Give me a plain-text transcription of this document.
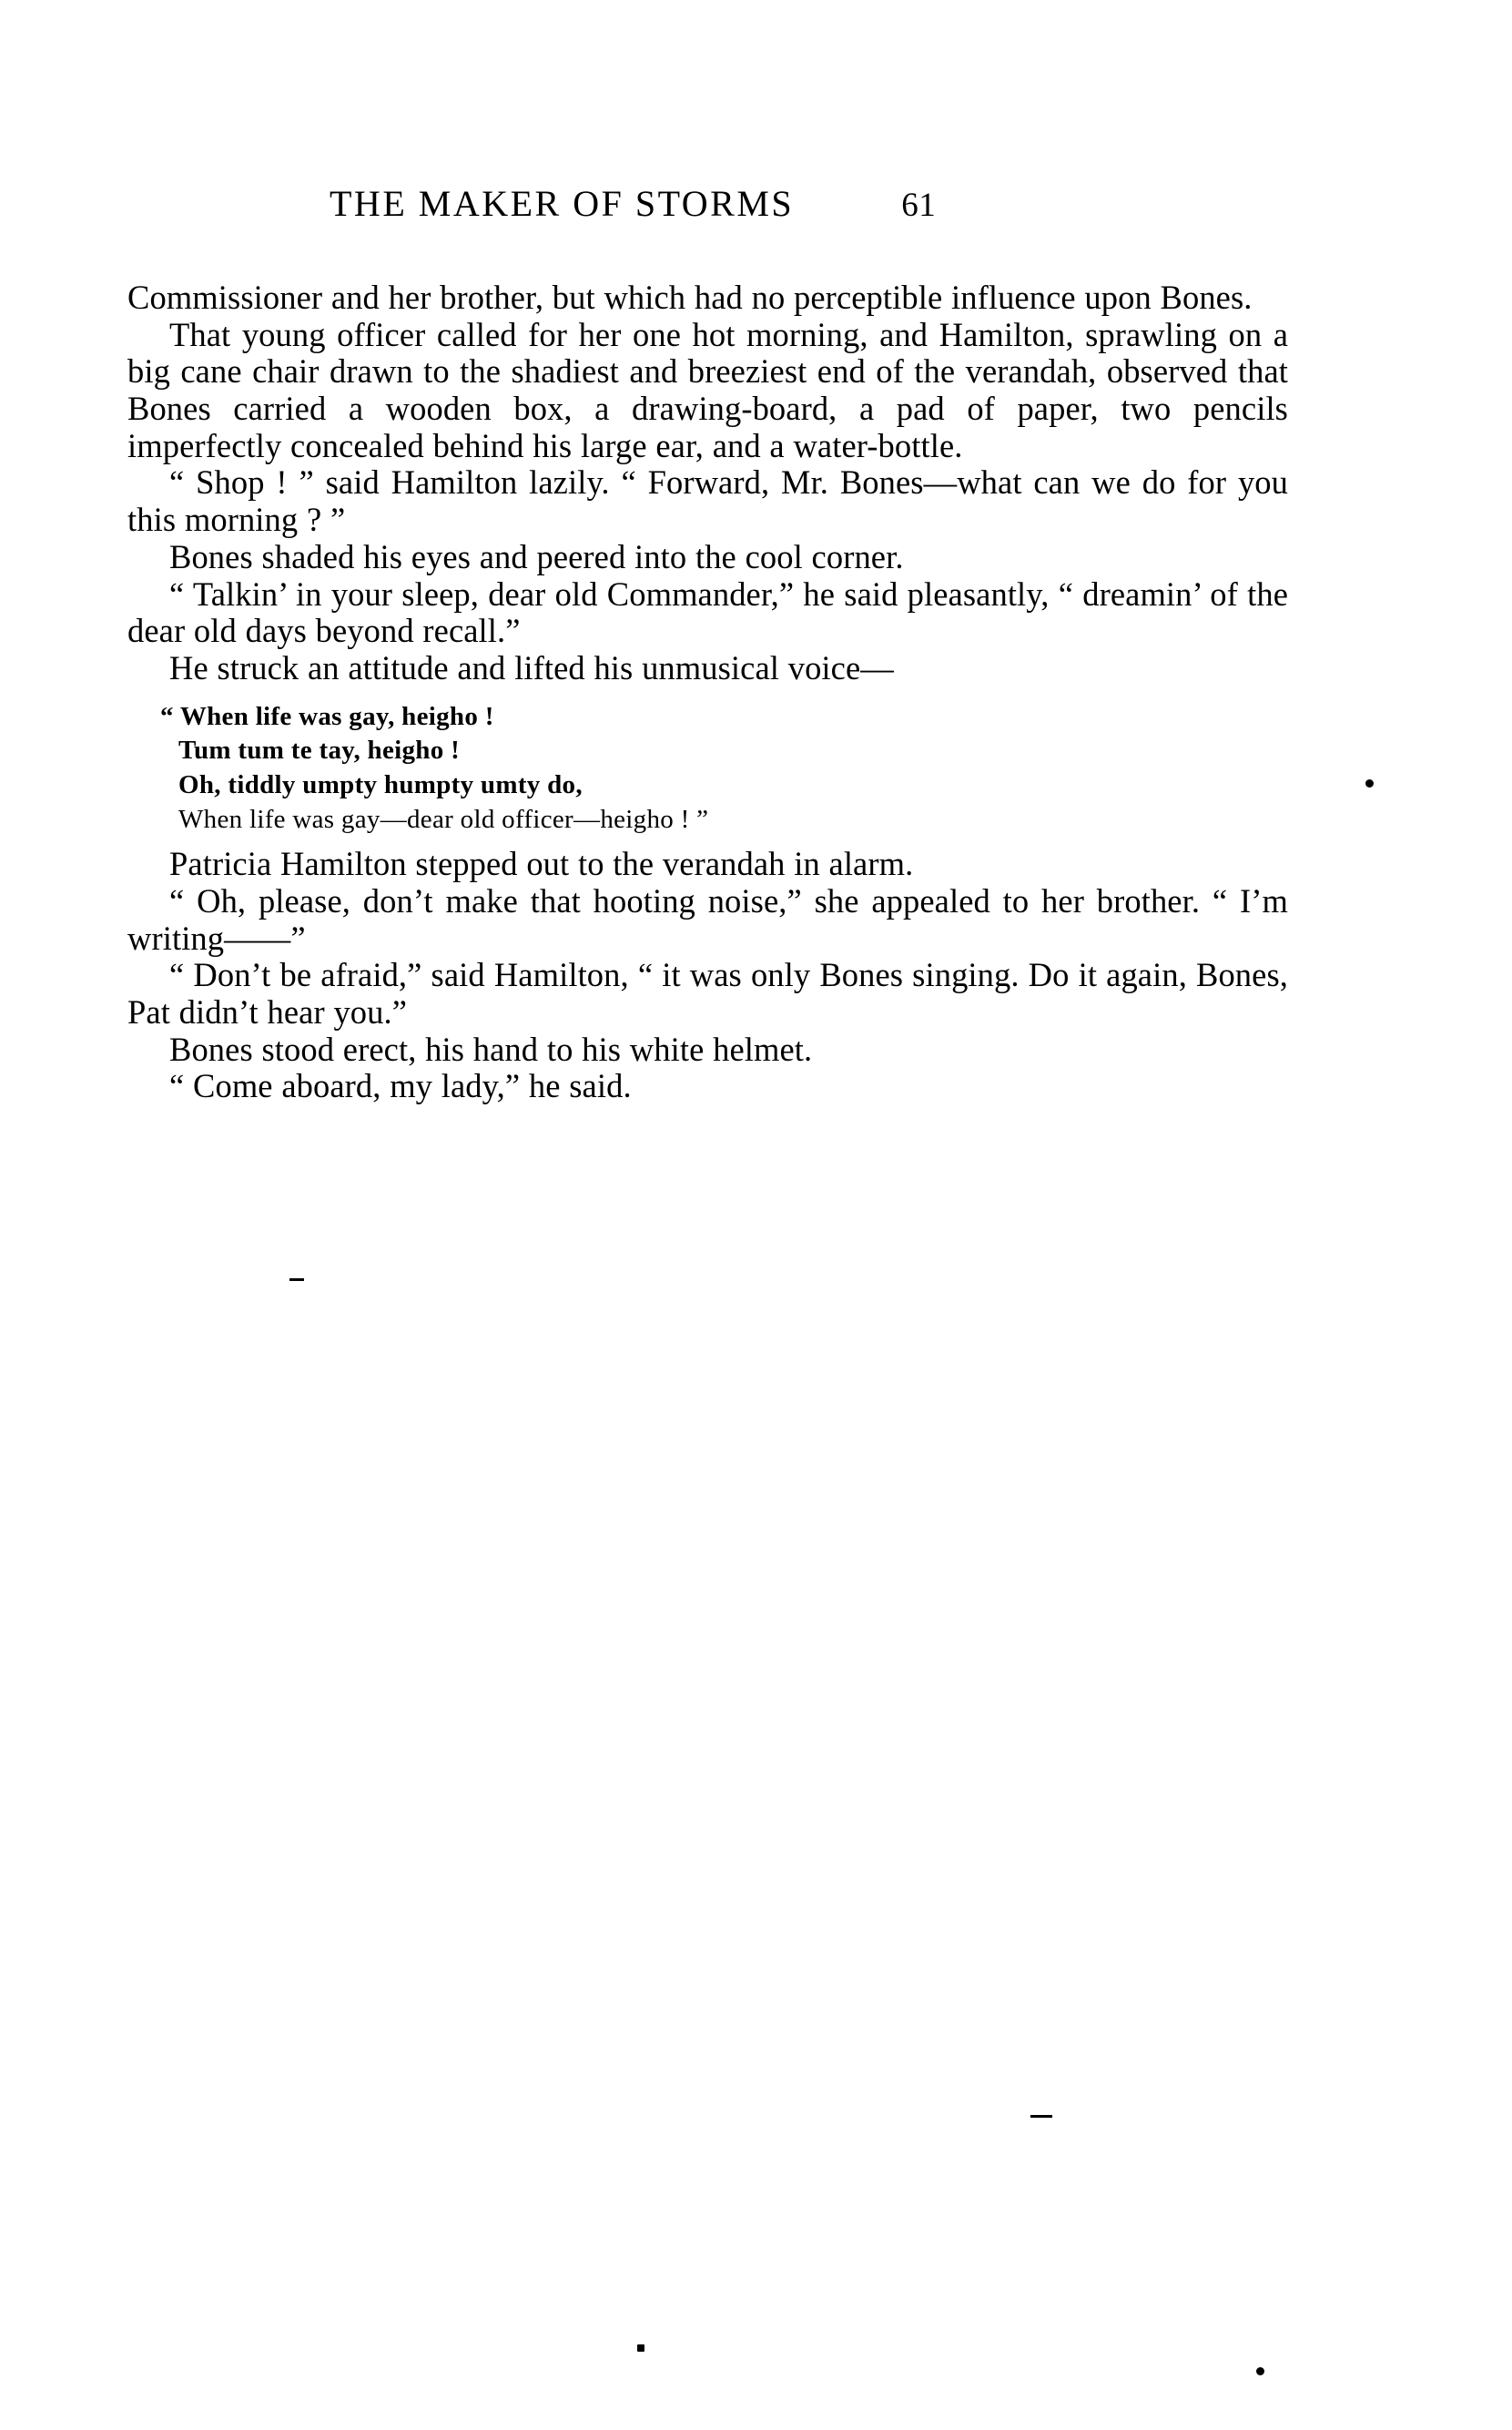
THE MAKER OF STORMS	61

Commissioner and her brother, but which had no perceptible influence upon Bones.

That young officer called for her one hot morning, and Hamilton, sprawling on a big cane chair drawn to the shadiest and breeziest end of the verandah, observed that Bones carried a wooden box, a drawing-board, a pad of paper, two pencils imperfectly concealed behind his large ear, and a water-bottle.

“ Shop ! ” said Hamilton lazily. “ Forward, Mr. Bones—what can we do for you this morning ? ”

Bones shaded his eyes and peered into the cool corner.

“ Talkin’ in your sleep, dear old Commander,” he said pleasantly, “ dreamin’ of the dear old days beyond recall.”

He struck an attitude and lifted his unmusical voice—

“ When life was gay, heigho !
Tum tum te tay, heigho !
Oh, tiddly umpty humpty umty do,
When life was gay—dear old officer—heigho ! ”

Patricia Hamilton stepped out to the verandah in alarm.

“ Oh, please, don’t make that hooting noise,” she appealed to her brother. “ I’m writing——”

“ Don’t be afraid,” said Hamilton, “ it was only Bones singing. Do it again, Bones, Pat didn’t hear you.”

Bones stood erect, his hand to his white helmet.

“ Come aboard, my lady,” he said.
